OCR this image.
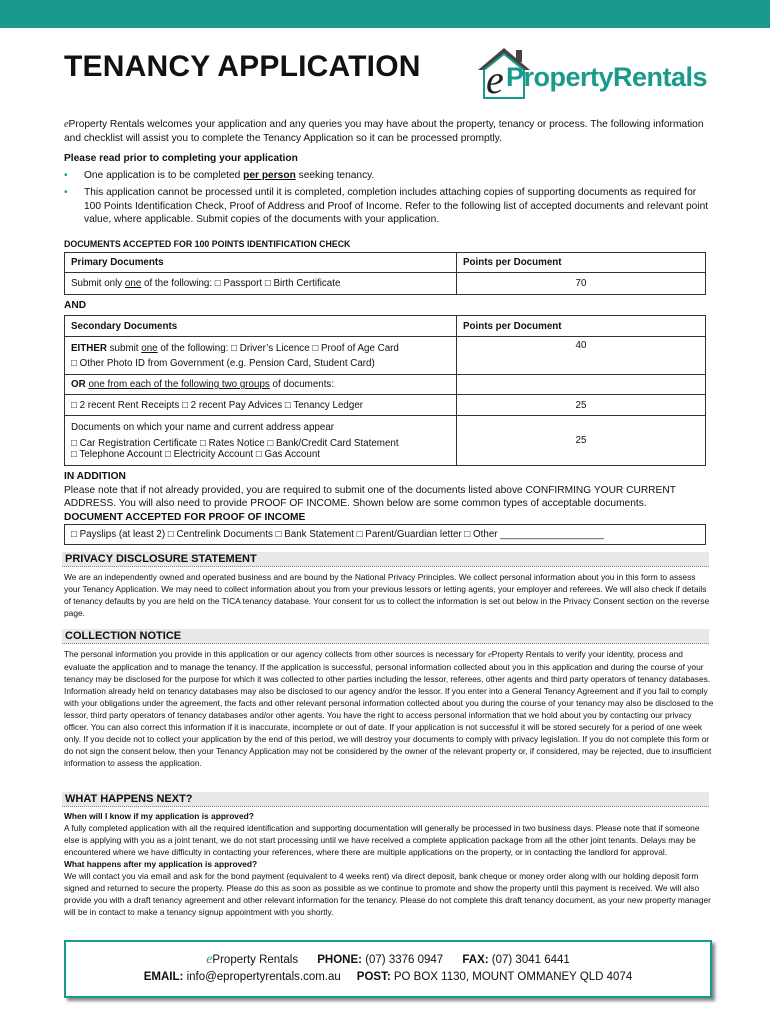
TENANCY APPLICATION e PropertyRentals
eProperty Rentals welcomes your application and any queries you may have about the property, tenancy or process. The following information and checklist will assist you to complete the Tenancy Application so it can be processed promptly.
Please read prior to completing your application
• One application is to be completed per person seeking tenancy.
• This application cannot be processed until it is completed, completion includes attaching copies of supporting documents as required for 100 Points Identification Check, Proof of Address and Proof of Income. Refer to the following list of accepted documents and relevant point value, where applicable. Submit copies of the documents with your application.
DOCUMENTS ACCEPTED FOR 100 POINTS IDENTIFICATION CHECK
Primary Documents	Points per Document
Submit only one of the following: □ Passport □ Birth Certificate	70
AND
Secondary Documents	Points per Document

EITHER submit one of the following: □ Driver’s Licence □ Proof of Age Card
□ Other Photo ID from Government (e.g. Pension Card, Student Card)	40
OR one from each of the following two groups of documents:	
□ 2 recent Rent Receipts □ 2 recent Pay Advices □ Tenancy Ledger	25

Documents on which your name and current address appear
□ Car Registration Certificate □ Rates Notice □ Bank/Credit Card Statement
□ Telephone Account □ Electricity Account □ Gas Account	25
IN ADDITION
Please note that if not already provided, you are required to submit one of the documents listed above CONFIRMING YOUR CURRENT ADDRESS. You will also need to provide PROOF OF INCOME. Shown below are some common types of acceptable documents.
DOCUMENT ACCEPTED FOR PROOF OF INCOME
□ Payslips (at least 2) □ Centrelink Documents □ Bank Statement □ Parent/Guardian letter □ Other ___________________
PRIVACY DISCLOSURE STATEMENT
We are an independently owned and operated business and are bound by the National Privacy Principles. We collect personal information about you in this form to assess your Tenancy Application. We may need to collect information about you from your previous lessors or letting agents, your employer and referees. We will also check if details of tenancy defaults by you are held on the TICA tenancy database. Your consent for us to collect the information is set out below in the Privacy Consent section on the reverse page.
COLLECTION NOTICE
The personal information you provide in this application or our agency collects from other sources is necessary for eProperty Rentals to verify your identity, process and evaluate the application and to manage the tenancy. If the application is successful, personal information collected about you in this application and during the course of your tenancy may be disclosed for the purpose for which it was collected to other parties including the lessor, referees, other agents and third party operators of tenancy databases. Information already held on tenancy databases may also be disclosed to our agency and/or the lessor. If you enter into a General Tenancy Agreement and if you fail to comply with your obligations under the agreement, the facts and other relevant personal information collected about you during the course of your tenancy may also be disclosed to the lessor, third party operators of tenancy databases and/or other agents. You have the right to access personal information that we hold about you by contacting our privacy officer. You can also correct this information if it is inaccurate, incomplete or out of date. If your application is not successful it will be stored securely for a period of one week only. If you decide not to collect your application by the end of this period, we will destroy your documents to comply with privacy legislation. If you do not complete this form or do not sign the consent below, then your Tenancy Application may not be considered by the owner of the relevant property or, if considered, may be rejected, due to insufficient information to assess the application.
WHAT HAPPENS NEXT?
When will I know if my application is approved?
A fully completed application with all the required identification and supporting documentation will generally be processed in two business days. Please note that if someone else is applying with you as a joint tenant, we do not start processing until we have received a complete application package from all the other joint tenants. Delays may be encountered where we have difficulty in contacting your references, where there are multiple applications on the property, or in contacting the landlord for approval.
What happens after my application is approved?
We will contact you via email and ask for the bond payment (equivalent to 4 weeks rent) via direct deposit, bank cheque or money order along with our holding deposit form signed and returned to secure the property. Please do this as soon as possible as we continue to promote and show the property until this payment is received. We will also provide you with a draft tenancy agreement and other relevant information for the tenancy. Please do not complete this draft tenancy document, as your new property manager will be in contact to make a tenancy signup appointment with you shortly.
eProperty Rentals PHONE: (07) 3376 0947 FAX: (07) 3041 6441
EMAIL: info@epropertyrentals.com.au POST: PO BOX 1130, MOUNT OMMANEY QLD 4074
